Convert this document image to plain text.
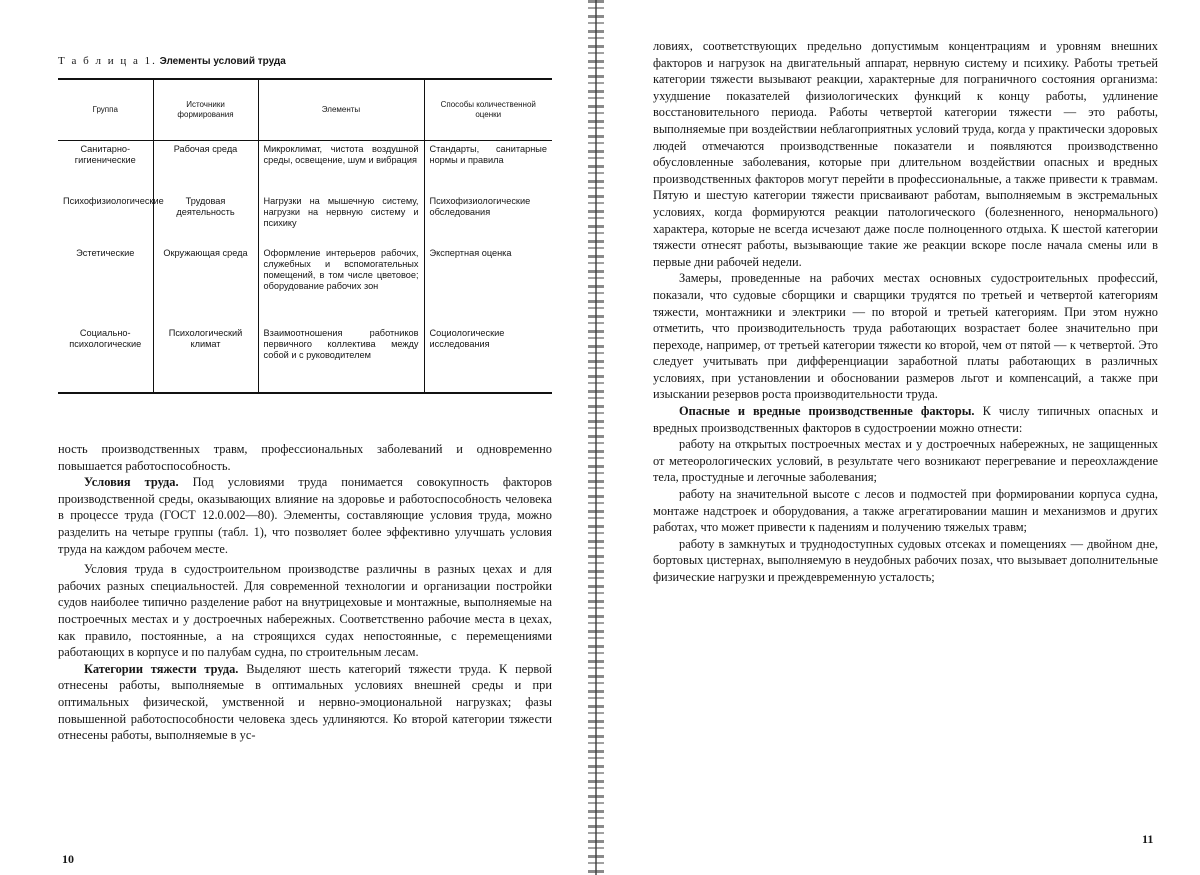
Т а б л и ц а 1. Элементы условий труда
Группа	Источники формирования	Элементы	Способы количественной оценки
Санитарно-гигиенические	Рабочая среда	Микроклимат, чистота воздушной среды, освещение, шум и вибрация	Стандарты, санитарные нормы и правила
Психофизиологические	Трудовая деятельность	Нагрузки на мышечную систему, нагрузки на нервную систему и психику	Психофизиологические обследования
Эстетические	Окружающая среда	Оформление интерьеров рабочих, служебных и вспомогательных помещений, в том числе цветовое; оборудование рабочих зон	Экспертная оценка
Социально-психологические	Психологический климат	Взаимоотношения работников первичного коллектива между собой и с руководителем	Социологические исследования

ность производственных травм, профессиональных заболеваний и одновременно повышается работоспособность.

Условия труда. Под условиями труда понимается совокупность факторов производственной среды, оказывающих влияние на здоровье и работоспособность человека в процессе труда (ГОСТ 12.0.002—80). Элементы, составляющие условия труда, можно разделить на четыре группы (табл. 1), что позволяет более эффективно улучшать условия труда на каждом рабочем месте.

Условия труда в судостроительном производстве различны в разных цехах и для рабочих разных специальностей. Для современной технологии и организации постройки судов наиболее типично разделение работ на внутрицеховые и монтажные, выполняемые на построечных местах и у достроечных набережных. Соответственно рабочие места в цехах, как правило, постоянные, а на строящихся судах непостоянные, с перемещениями работающих в корпусе и по палубам судна, по строительным лесам.

Категории тяжести труда. Выделяют шесть категорий тяжести труда. К первой отнесены работы, выполняемые в оптимальных условиях внешней среды и при оптимальных физической, умственной и нервно-эмоциональной нагрузках; фазы повышенной работоспособности человека здесь удлиняются. Ко второй категории тяжести отнесены работы, выполняемые в ус-

10

ловиях, соответствующих предельно допустимым концентрациям и уровням внешних факторов и нагрузок на двигательный аппарат, нервную систему и психику. Работы третьей категории тяжести вызывают реакции, характерные для пограничного состояния организма: ухудшение показателей физиологических функций к концу работы, удлинение восстановительного периода. Работы четвертой категории тяжести — это работы, выполняемые при воздействии неблагоприятных условий труда, когда у практически здоровых людей отмечаются производственные показатели и появляются производственно обусловленные заболевания, которые при длительном воздействии опасных и вредных производственных факторов могут перейти в профессиональные, а также привести к травмам. Пятую и шестую категории тяжести присваивают работам, выполняемым в экстремальных условиях, когда формируются реакции патологического (болезненного, ненормального) характера, которые не всегда исчезают даже после полноценного отдыха. К шестой категории тяжести отнесят работы, вызывающие такие же реакции вскоре после начала смены или в первые дни рабочей недели.

Замеры, проведенные на рабочих местах основных судостроительных профессий, показали, что судовые сборщики и сварщики трудятся по третьей и четвертой категориям тяжести, монтажники и электрики — по второй и третьей категориям. При этом нужно отметить, что производительность труда работающих возрастает более значительно при переходе, например, от третьей категории тяжести ко второй, чем от пятой — к четвертой. Это следует учитывать при дифференциации заработной платы работающих в различных условиях, при установлении и обосновании размеров льгот и компенсаций, а также при изыскании резервов роста производительности труда.

Опасные и вредные производственные факторы. К числу типичных опасных и вредных производственных факторов в судостроении можно отнести:

работу на открытых построечных местах и у достроечных набережных, не защищенных от метеорологических условий, в результате чего возникают перегревание и переохлаждение тела, простудные и легочные заболевания;

работу на значительной высоте с лесов и подмостей при формировании корпуса судна, монтаже надстроек и оборудования, а также агрегатировании машин и механизмов и других работах, что может привести к падениям и получению тяжелых травм;

работу в замкнутых и труднодоступных судовых отсеках и помещениях — двойном дне, бортовых цистернах, выполняемую в неудобных рабочих позах, что вызывает дополнительные физические нагрузки и преждевременную усталость;

11
